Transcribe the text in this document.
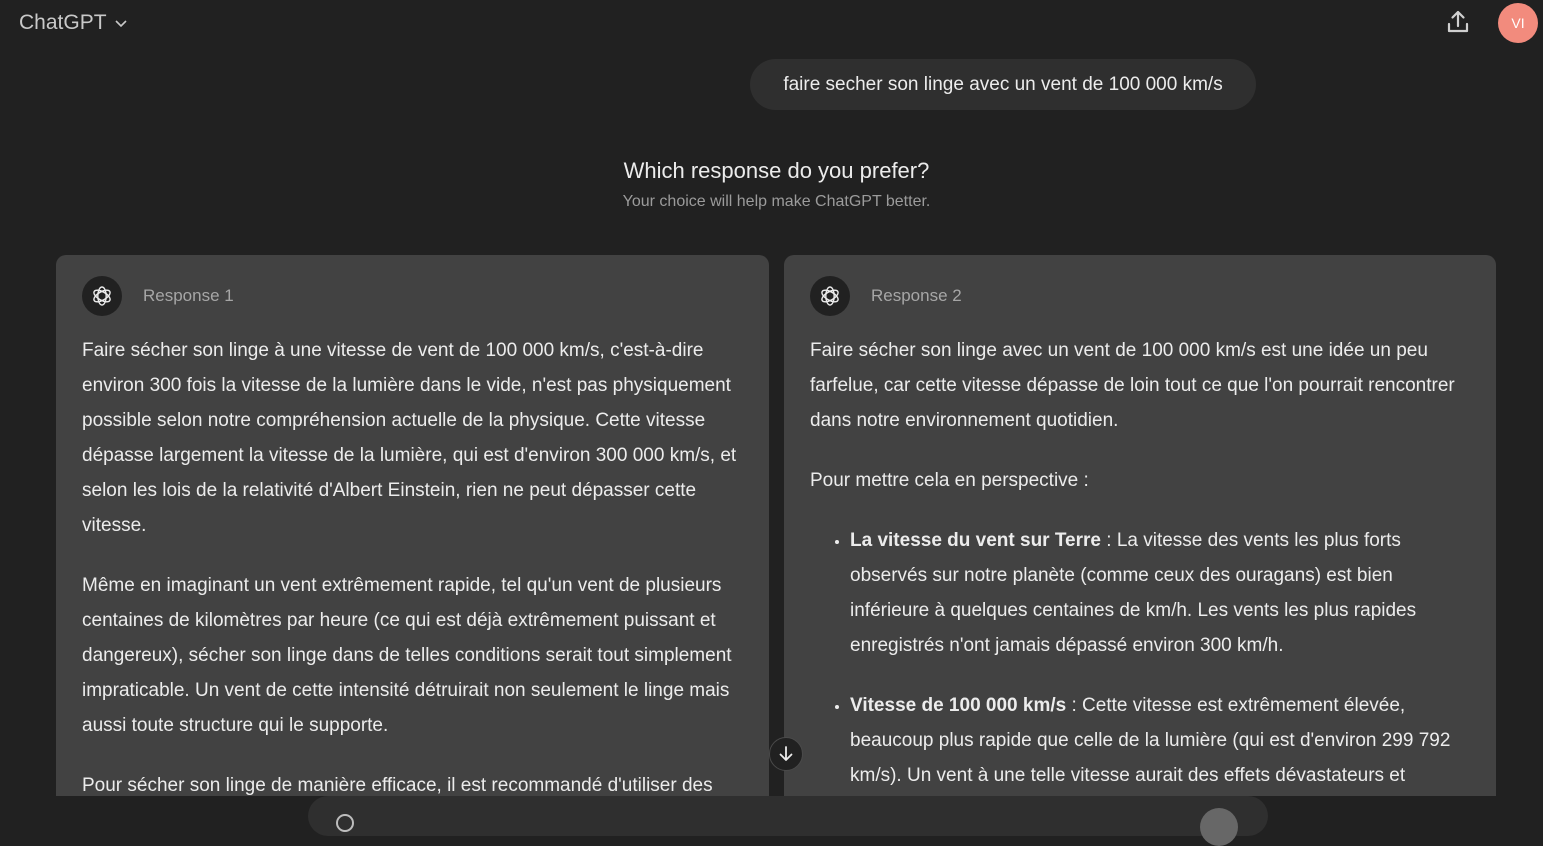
ChatGPT	VI
faire secher son linge avec un vent de 100 000 km/s
Which response do you prefer?
Your choice will help make ChatGPT better.
Response 1

Faire sécher son linge à une vitesse de vent de 100 000 km/s, c'est-à-dire environ 300 fois la vitesse de la lumière dans le vide, n'est pas physiquement possible selon notre compréhension actuelle de la physique. Cette vitesse dépasse largement la vitesse de la lumière, qui est d'environ 300 000 km/s, et selon les lois de la relativité d'Albert Einstein, rien ne peut dépasser cette vitesse.

Même en imaginant un vent extrêmement rapide, tel qu'un vent de plusieurs centaines de kilomètres par heure (ce qui est déjà extrêmement puissant et dangereux), sécher son linge dans de telles conditions serait tout simplement impraticable. Un vent de cette intensité détruirait non seulement le linge mais aussi toute structure qui le supporte.

Pour sécher son linge de manière efficace, il est recommandé d'utiliser des

Response 2

Faire sécher son linge avec un vent de 100 000 km/s est une idée un peu farfelue, car cette vitesse dépasse de loin tout ce que l'on pourrait rencontrer dans notre environnement quotidien.

Pour mettre cela en perspective :

• La vitesse du vent sur Terre : La vitesse des vents les plus forts observés sur notre planète (comme ceux des ouragans) est bien inférieure à quelques centaines de km/h. Les vents les plus rapides enregistrés n'ont jamais dépassé environ 300 km/h.
• Vitesse de 100 000 km/s : Cette vitesse est extrêmement élevée, beaucoup plus rapide que celle de la lumière (qui est d'environ 299 792 km/s). Un vent à une telle vitesse aurait des effets dévastateurs et
